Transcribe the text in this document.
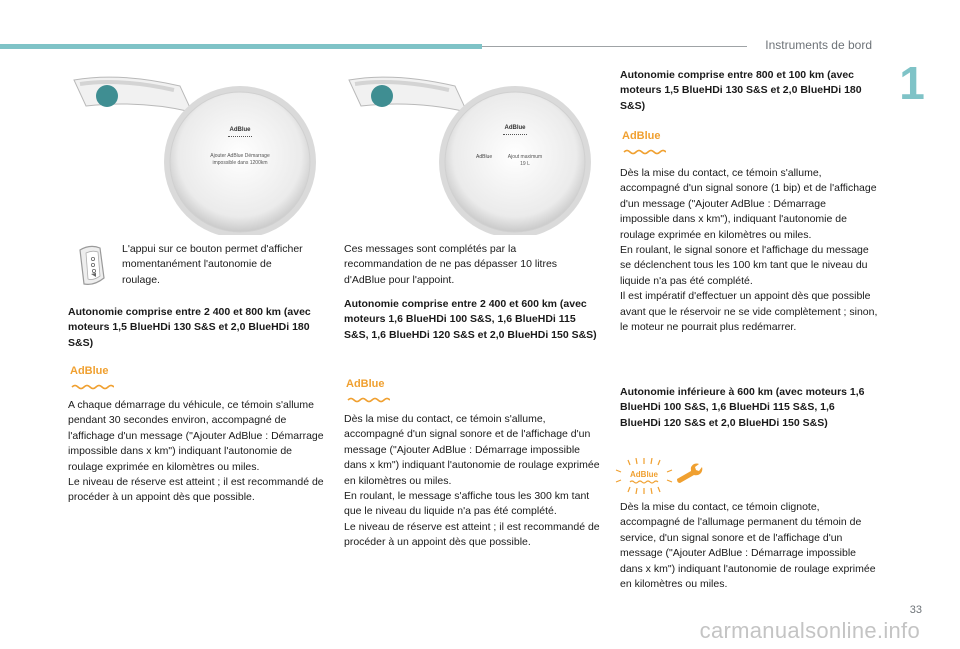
Instruments de bord
1
AdBlue
Ajouter AdBlue Démarrage impossible dans 1200km
AdBlue
AdBlue	Ajout maximum 19 L
L'appui sur ce bouton permet d'afficher momentanément l'autonomie de roulage.
Autonomie comprise entre 2 400 et 800 km (avec moteurs 1,5 BlueHDi 130 S&S et 2,0 BlueHDi 180 S&S)
AdBlue
A chaque démarrage du véhicule, ce témoin s'allume pendant 30 secondes environ, accompagné de l'affichage d'un message ("Ajouter AdBlue : Démarrage impossible dans x km") indiquant l'autonomie de roulage exprimée en kilomètres ou miles.
Le niveau de réserve est atteint ; il est recommandé de procéder à un appoint dès que possible.
Ces messages sont complétés par la recommandation de ne pas dépasser 10 litres d'AdBlue pour l'appoint.
Autonomie comprise entre 2 400 et 600 km (avec moteurs 1,6 BlueHDi 100 S&S, 1,6 BlueHDi 115 S&S, 1,6 BlueHDi 120 S&S et 2,0 BlueHDi 150 S&S)
AdBlue
Dès la mise du contact, ce témoin s'allume, accompagné d'un signal sonore et de l'affichage d'un message ("Ajouter AdBlue : Démarrage impossible dans x km") indiquant l'autonomie de roulage exprimée en kilomètres ou miles.
En roulant, le message s'affiche tous les 300 km tant que le niveau du liquide n'a pas été complété.
Le niveau de réserve est atteint ; il est recommandé de procéder à un appoint dès que possible.
Autonomie comprise entre 800 et 100 km (avec moteurs 1,5 BlueHDi 130 S&S et 2,0 BlueHDi 180 S&S)
AdBlue
Dès la mise du contact, ce témoin s'allume, accompagné d'un signal sonore (1 bip) et de l'affichage d'un message ("Ajouter AdBlue : Démarrage impossible dans x km"), indiquant l'autonomie de roulage exprimée en kilomètres ou miles.
En roulant, le signal sonore et l'affichage du message se déclenchent tous les 100 km tant que le niveau du liquide n'a pas été complété.
Il est impératif d'effectuer un appoint dès que possible avant que le réservoir ne se vide complètement ; sinon, le moteur ne pourrait plus redémarrer.
Autonomie inférieure à 600 km (avec moteurs 1,6 BlueHDi 100 S&S, 1,6 BlueHDi 115 S&S, 1,6 BlueHDi 120 S&S et 2,0 BlueHDi 150 S&S)
AdBlue
Dès la mise du contact, ce témoin clignote, accompagné de l'allumage permanent du témoin de service, d'un signal sonore et de l'affichage d'un message ("Ajouter AdBlue : Démarrage impossible dans x km") indiquant l'autonomie de roulage exprimée en kilomètres ou miles.
33
carmanualsonline.info
